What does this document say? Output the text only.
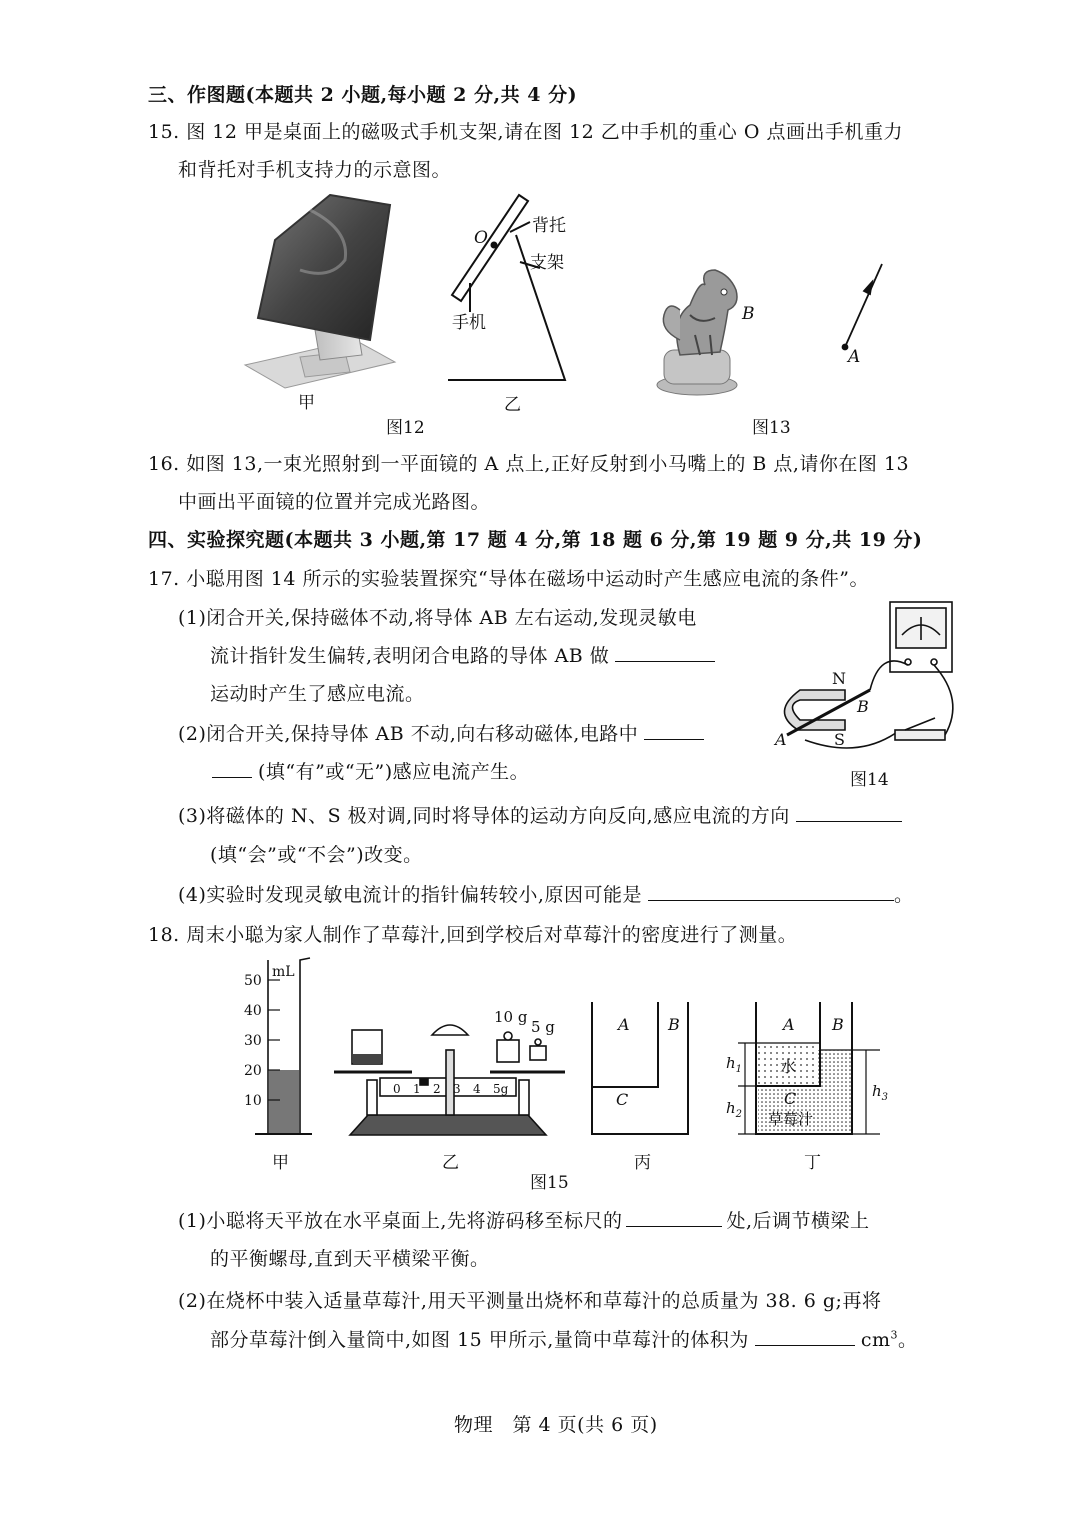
三、作图题(本题共 2 小题,每小题 2 分,共 4 分)
15. 图 12 甲是桌面上的磁吸式手机支架,请在图 12 乙中手机的重心 O 点画出手机重力
和背托对手机支持力的示意图。
16. 如图 13,一束光照射到一平面镜的 A 点上,正好反射到小马嘴上的 B 点,请你在图 13
中画出平面镜的位置并完成光路图。
四、实验探究题(本题共 3 小题,第 17 题 4 分,第 18 题 6 分,第 19 题 9 分,共 19 分)
17. 小聪用图 14 所示的实验装置探究“导体在磁场中运动时产生感应电流的条件”。
(1)闭合开关,保持磁体不动,将导体 AB 左右运动,发现灵敏电
流计指针发生偏转,表明闭合电路的导体 AB 做
运动时产生了感应电流。
(2)闭合开关,保持导体 AB 不动,向右移动磁体,电路中
(填“有”或“无”)感应电流产生。
(3)将磁体的 N、S 极对调,同时将导体的运动方向反向,感应电流的方向
(填“会”或“不会”)改变。
(4)实验时发现灵敏电流计的指针偏转较小,原因可能是	。
18. 周末小聪为家人制作了草莓汁,回到学校后对草莓汁的密度进行了测量。
(1)小聪将天平放在水平桌面上,先将游码移至标尺的	处,后调节横梁上
的平衡螺母,直到天平横梁平衡。
(2)在烧杯中装入适量草莓汁,用天平测量出烧杯和草莓汁的总质量为 38. 6 g;再将
部分草莓汁倒入量筒中,如图 15 甲所示,量筒中草莓汁的体积为	$cm^3$。
物理　第 4 页(共 6 页)
甲	乙
图12	图13
图14
甲	乙	丙	丁
图15
O
背托
支架
手机	B
A
N
S
A
B
50
40
30
20
10
mL
0 1 2 3 4 5g
10 g
5 g	A B
C
A B
水
C
草莓汁
$h_1$
$h_2$
$h_3$
